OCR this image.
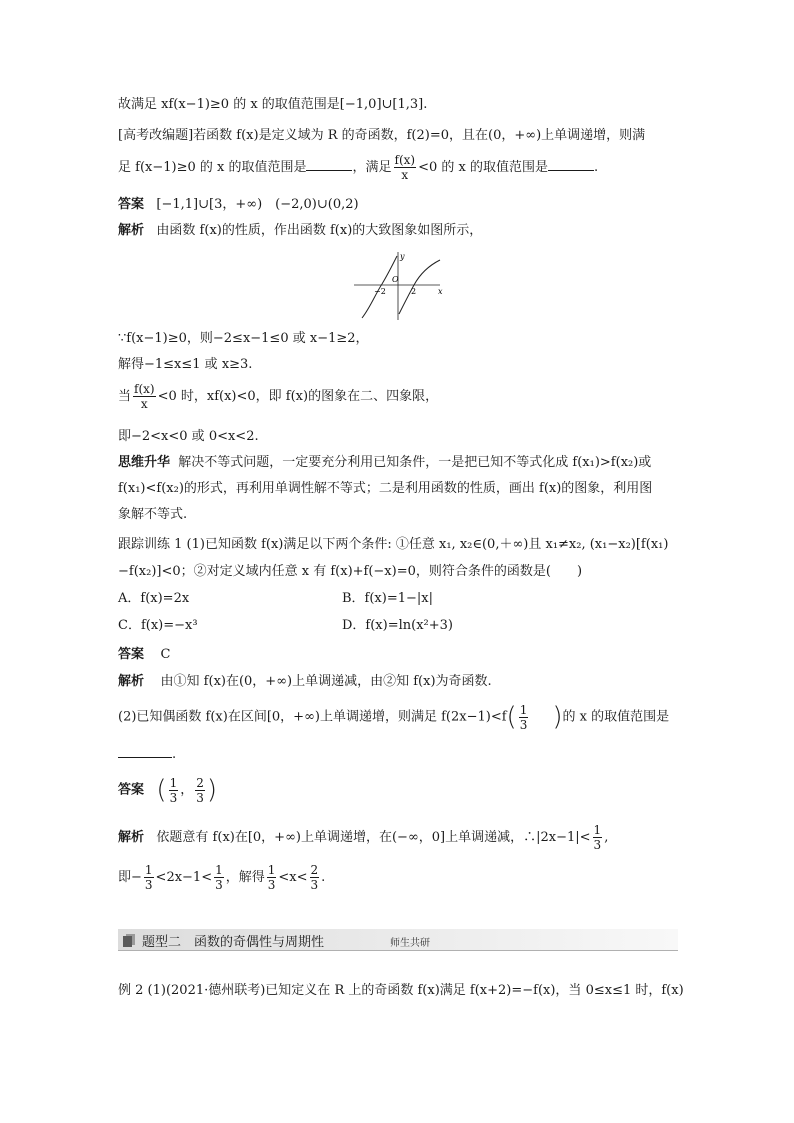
故满足 xf(x−1)≥0 的 x 的取值范围是[−1,0]∪[1,3].
[高考改编题]若函数 f(x)是定义域为 R 的奇函数，f(2)=0，且在(0，+∞)上单调递增，则满
足 f(x−1)≥0 的 x 的取值范围是	，满足 $\frac{f(x)}{x} <0$ 的 x 的取值范围是	.
答案 [−1,1]∪[3，+∞)　(−2,0)∪(0,2)
解析 由函数 f(x)的性质，作出函数 f(x)的大致图象如图所示，
y
x
O
−2	2
∵f(x−1)≥0，则−2≤x−1≤0 或 x−1≥2，
解得−1≤x≤1 或 x≥3.
当 $\frac{f(x)}{x} <0$ 时，xf(x)<0，即 f(x)的图象在二、四象限，
即−2<x<0 或 0<x<2.
思维升华 解决不等式问题，一定要充分利用已知条件，一是把已知不等式化成 f(x₁)>f(x₂)或
f(x₁)<f(x₂)的形式，再利用单调性解不等式；二是利用函数的性质，画出 f(x)的图象，利用图
象解不等式.
跟踪训练 1 (1)已知函数 f(x)满足以下两个条件: ①任意 x₁, x₂∈(0,＋∞)且 x₁≠x₂, (x₁−x₂)[f(x₁)
−f(x₂)]<0；②对定义域内任意 x 有 f(x)+f(−x)=0，则符合条件的函数是(　　)
A．f(x)=2x	B．f(x)=1−|x|
C．f(x)=−x³	D．f(x)=ln(x²+3)
答案 C
解析 由①知 f(x)在(0，+∞)上单调递减，由②知 f(x)为奇函数.
(2)已知偶函数 f(x)在区间[0，+∞)上单调递增，则满足 $f(2x-1)<f( \frac{1}{3}$ )的 x 的取值范围是
.
答案 ( $\frac{1}{3}$ ， $\frac{2}{3}$ )
解析 依题意有 f(x)在[0，+∞)上单调递增，在(−∞，0]上单调递减，∴|2x−1|< $\frac{1}{3}$ ,
即− $\frac{1}{3} <2x-1< \frac{1}{3}$ ，解得 $\frac{1}{3} <x< \frac{2}{3}$ .
题型二　函数的奇偶性与周期性	师生共研
例 2 (1)(2021·德州联考)已知定义在 R 上的奇函数 f(x)满足 f(x+2)=−f(x)，当 0≤x≤1 时，f(x)
